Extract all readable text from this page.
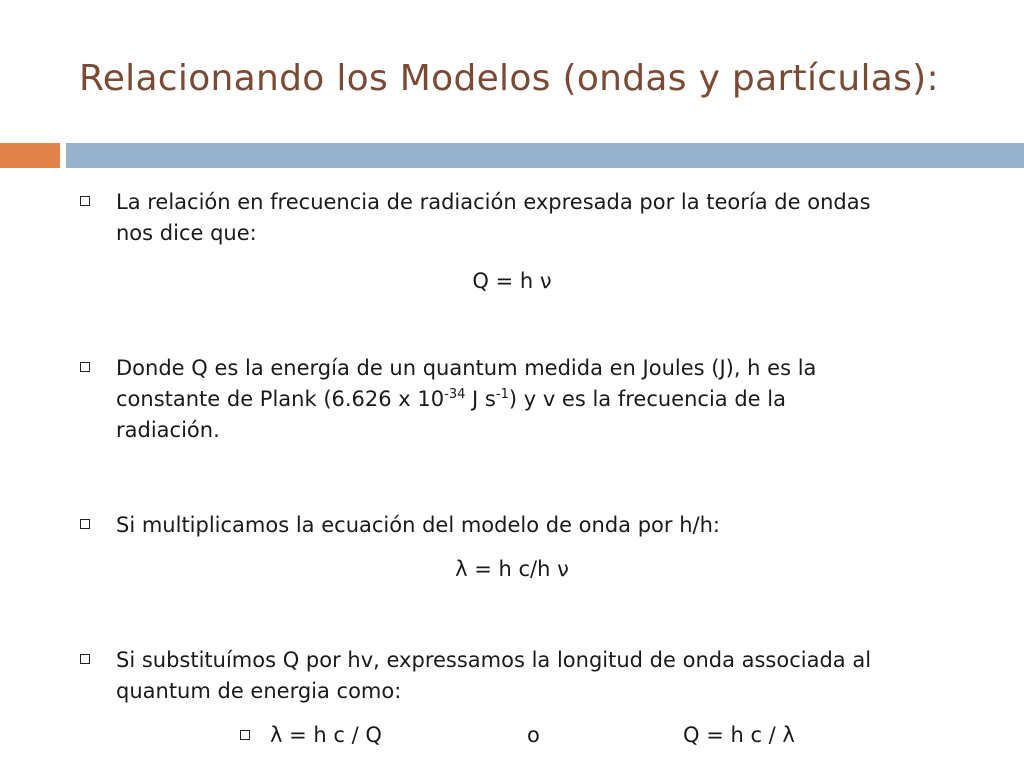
Relacionando los Modelos (ondas y partículas):
La relación en frecuencia de radiación expresada por la teoría de ondas
nos dice que:
Q = h ν
Donde Q es la energía de un quantum medida en Joules (J), h es la
constante de Plank (6.626 x $10^{-34}$ J $s^{-1}$) y v es la frecuencia de la
radiación.
Si multiplicamos la ecuación del modelo de onda por h/h:
λ = h c/h ν
Si substituímos Q por hv, expressamos la longitud de onda associada al
quantum de energia como:
λ = h c / Q	o	Q = h c / λ
